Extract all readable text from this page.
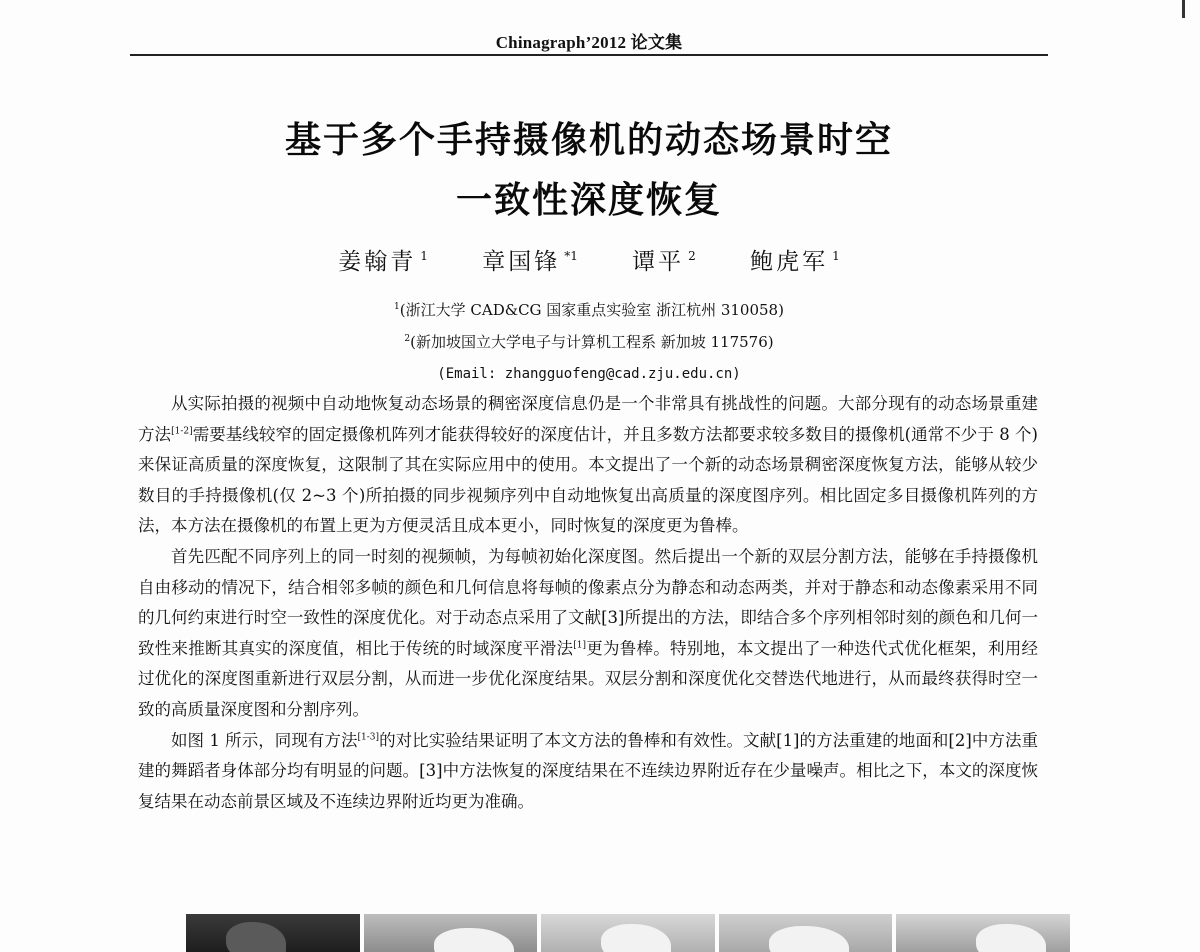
Chinagraph’2012 论文集
基于多个手持摄像机的动态场景时空
一致性深度恢复
姜翰青 $^1$ 章国锋 $^{*1}$ 谭平 $^2$ 鲍虎军 $^1$
$^1$(浙江大学 CAD&CG 国家重点实验室 浙江杭州 310058)
$^2$(新加坡国立大学电子与计算机工程系 新加坡 117576)
(Email: zhangguofeng@cad.zju.edu.cn)

从实际拍摄的视频中自动地恢复动态场景的稠密深度信息仍是一个非常具有挑战性的问题。大部分现有的动态场景重建方法[1-2]需要基线较窄的固定摄像机阵列才能获得较好的深度估计，并且多数方法都要求较多数目的摄像机(通常不少于 8 个)来保证高质量的深度恢复，这限制了其在实际应用中的使用。本文提出了一个新的动态场景稠密深度恢复方法，能够从较少数目的手持摄像机(仅 2~3 个)所拍摄的同步视频序列中自动地恢复出高质量的深度图序列。相比固定多目摄像机阵列的方法，本方法在摄像机的布置上更为方便灵活且成本更小，同时恢复的深度更为鲁棒。

首先匹配不同序列上的同一时刻的视频帧，为每帧初始化深度图。然后提出一个新的双层分割方法，能够在手持摄像机自由移动的情况下，结合相邻多帧的颜色和几何信息将每帧的像素点分为静态和动态两类，并对于静态和动态像素采用不同的几何约束进行时空一致性的深度优化。对于动态点采用了文献[3]所提出的方法，即结合多个序列相邻时刻的颜色和几何一致性来推断其真实的深度值，相比于传统的时域深度平滑法[1]更为鲁棒。特别地，本文提出了一种迭代式优化框架，利用经过优化的深度图重新进行双层分割，从而进一步优化深度结果。双层分割和深度优化交替迭代地进行，从而最终获得时空一致的高质量深度图和分割序列。

如图 1 所示，同现有方法[1-3]的对比实验结果证明了本文方法的鲁棒和有效性。文献[1]的方法重建的地面和[2]中方法重建的舞蹈者身体部分均有明显的问题。[3]中方法恢复的深度结果在不连续边界附近存在少量噪声。相比之下，本文的深度恢复结果在动态前景区域及不连续边界附近均更为准确。
